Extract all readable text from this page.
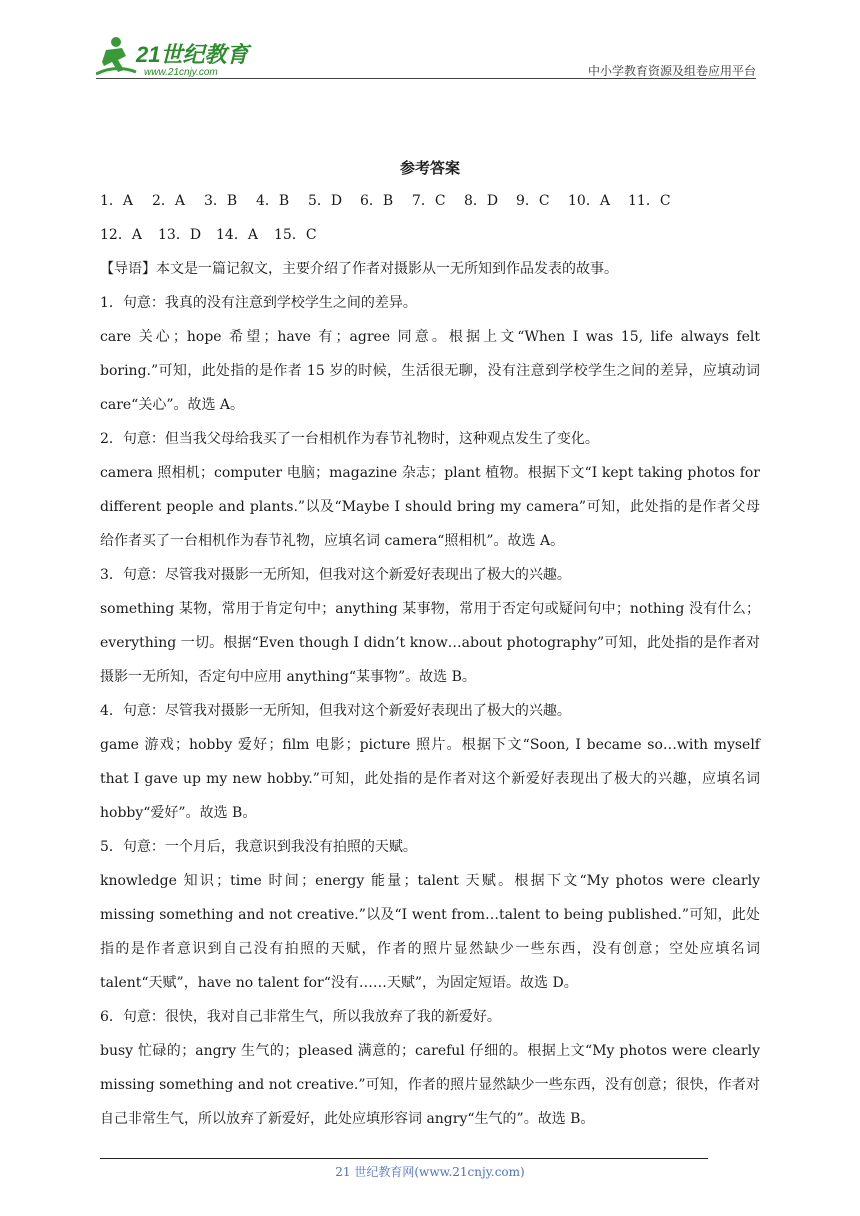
21世纪教育
www.21cnjy.com	中小学教育资源及组卷应用平台
参考答案
1．A	2．A	3．B	4．B	5．D	6．B	7．C	8．D	9．C	10．A	11．C
12．A	13．D	14．A	15．C

【导语】本文是一篇记叙文，主要介绍了作者对摄影从一无所知到作品发表的故事。

1．句意：我真的没有注意到学校学生之间的差异。

care 关心；hope 希望；have 有；agree 同意。根据上文“When I was 15, life always felt boring.”可知，此处指的是作者 15 岁的时候，生活很无聊，没有注意到学校学生之间的差异，应填动词 care“关心”。故选 A。

2．句意：但当我父母给我买了一台相机作为春节礼物时，这种观点发生了变化。

camera 照相机；computer 电脑；magazine 杂志；plant 植物。根据下文“I kept taking photos for different people and plants.”以及“Maybe I should bring my camera”可知，此处指的是作者父母给作者买了一台相机作为春节礼物，应填名词 camera“照相机”。故选 A。

3．句意：尽管我对摄影一无所知，但我对这个新爱好表现出了极大的兴趣。

something 某物，常用于肯定句中；anything 某事物，常用于否定句或疑问句中；nothing 没有什么；everything 一切。根据“Even though I didn’t know…about photography”可知，此处指的是作者对摄影一无所知，否定句中应用 anything“某事物”。故选 B。

4．句意：尽管我对摄影一无所知，但我对这个新爱好表现出了极大的兴趣。

game 游戏；hobby 爱好；film 电影；picture 照片。根据下文“Soon, I became so…with myself that I gave up my new hobby.”可知，此处指的是作者对这个新爱好表现出了极大的兴趣，应填名词 hobby“爱好”。故选 B。

5．句意：一个月后，我意识到我没有拍照的天赋。

knowledge 知识；time 时间；energy 能量；talent 天赋。根据下文“My photos were clearly missing something and not creative.”以及“I went from…talent to being published.”可知，此处指的是作者意识到自己没有拍照的天赋，作者的照片显然缺少一些东西，没有创意；空处应填名词 talent“天赋”，have no talent for“没有……天赋”，为固定短语。故选 D。

6．句意：很快，我对自己非常生气，所以我放弃了我的新爱好。

busy 忙碌的；angry 生气的；pleased 满意的；careful 仔细的。根据上文“My photos were clearly missing something and not creative.”可知，作者的照片显然缺少一些东西，没有创意；很快，作者对自己非常生气，所以放弃了新爱好，此处应填形容词 angry“生气的”。故选 B。

21 世纪教育网(www.21cnjy.com)
